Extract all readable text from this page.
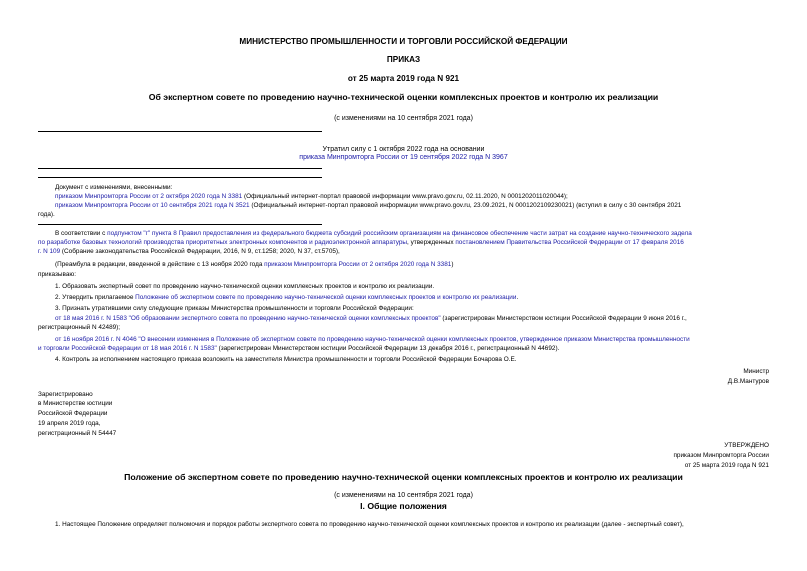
МИНИСТЕРСТВО ПРОМЫШЛЕННОСТИ И ТОРГОВЛИ РОССИЙСКОЙ ФЕДЕРАЦИИ
ПРИКАЗ
от 25 марта 2019 года N 921
Об экспертном совете по проведению научно-технической оценки комплексных проектов и контролю их реализации
(с изменениями на 10 сентября 2021 года)
Утратил силу с 1 октября 2022 года на основании
приказа Минпромторга России от 19 сентября 2022 года N 3967
Документ с изменениями, внесенными:
приказом Минпромторга России от 2 октября 2020 года N 3381 (Официальный интернет-портал правовой информации www.pravo.gov.ru, 02.11.2020, N 0001202011020044);
приказом Минпромторга России от 10 сентября 2021 года N 3521 (Официальный интернет-портал правовой информации www.pravo.gov.ru, 23.09.2021, N 0001202109230021) (вступил в силу с 30 сентября 2021
года).
В соответствии с подпунктом "г" пункта 8 Правил предоставления из федерального бюджета субсидий российским организациям на финансовое обеспечение части затрат на создание научно-технического задела
по разработке базовых технологий производства приоритетных электронных компонентов и радиоэлектронной аппаратуры, утвержденных постановлением Правительства Российской Федерации от 17 февраля 2016
г. N 109 (Собрание законодательства Российской Федерации, 2016, N 9, ст.1258; 2020, N 37, ст.5705),
(Преамбула в редакции, введенной в действие с 13 ноября 2020 года приказом Минпромторга России от 2 октября 2020 года N 3381)
приказываю:
1. Образовать экспертный совет по проведению научно-технической оценки комплексных проектов и контролю их реализации.
2. Утвердить прилагаемое Положение об экспертном совете по проведению научно-технической оценки комплексных проектов и контролю их реализации.
3. Признать утратившими силу следующие приказы Министерства промышленности и торговли Российской Федерации:
от 18 мая 2016 г. N 1583 "Об образовании экспертного совета по проведению научно-технической оценки комплексных проектов" (зарегистрирован Министерством юстиции Российской Федерации 9 июня 2016 г.,
регистрационный N 42489);
от 16 ноября 2016 г. N 4046 "О внесении изменения в Положение об экспертном совете по проведению научно-технической оценки комплексных проектов, утвержденное приказом Министерства промышленности
и торговли Российской Федерации от 18 мая 2016 г. N 1583" (зарегистрирован Министерством юстиции Российской Федерации 13 декабря 2016 г., регистрационный N 44692).
4. Контроль за исполнением настоящего приказа возложить на заместителя Министра промышленности и торговли Российской Федерации Бочарова О.Е.
Министр
Д.В.Мантуров
Зарегистрировано
в Министерстве юстиции
Российской Федерации
19 апреля 2019 года,
регистрационный N 54447
УТВЕРЖДЕНО
приказом Минпромторга России
от 25 марта 2019 года N 921
Положение об экспертном совете по проведению научно-технической оценки комплексных проектов и контролю их реализации
(с изменениями на 10 сентября 2021 года)
I. Общие положения
1. Настоящее Положение определяет полномочия и порядок работы экспертного совета по проведению научно-технической оценки комплексных проектов и контролю их реализации (далее - экспертный совет),
